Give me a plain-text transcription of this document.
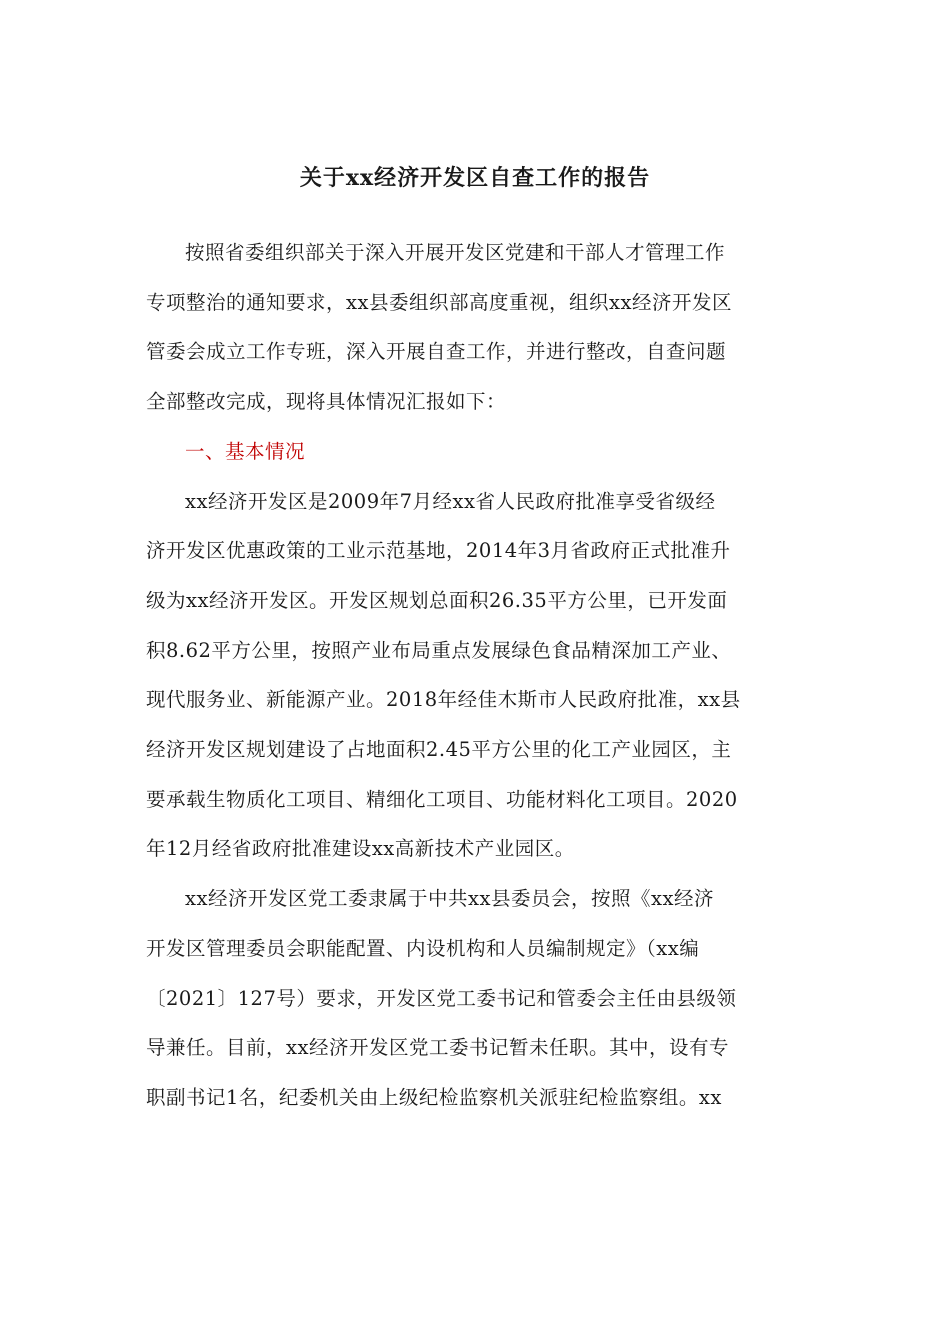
关于xx经济开发区自查工作的报告

按照省委组织部关于深入开展开发区党建和干部人才管理工作
专项整治的通知要求，xx县委组织部高度重视，组织xx经济开发区
管委会成立工作专班，深入开展自查工作，并进行整改，自查问题
全部整改完成，现将具体情况汇报如下：

一、基本情况

xx经济开发区是2009年7月经xx省人民政府批准享受省级经
济开发区优惠政策的工业示范基地，2014年3月省政府正式批准升
级为xx经济开发区。开发区规划总面积26.35平方公里，已开发面
积8.62平方公里，按照产业布局重点发展绿色食品精深加工产业、
现代服务业、新能源产业。2018年经佳木斯市人民政府批准，xx县
经济开发区规划建设了占地面积2.45平方公里的化工产业园区，主
要承载生物质化工项目、精细化工项目、功能材料化工项目。2020
年12月经省政府批准建设xx高新技术产业园区。

xx经济开发区党工委隶属于中共xx县委员会，按照《xx经济
开发区管理委员会职能配置、内设机构和人员编制规定》（xx编
〔2021〕127号）要求，开发区党工委书记和管委会主任由县级领
导兼任。目前，xx经济开发区党工委书记暂未任职。其中，设有专
职副书记1名，纪委机关由上级纪检监察机关派驻纪检监察组。xx
